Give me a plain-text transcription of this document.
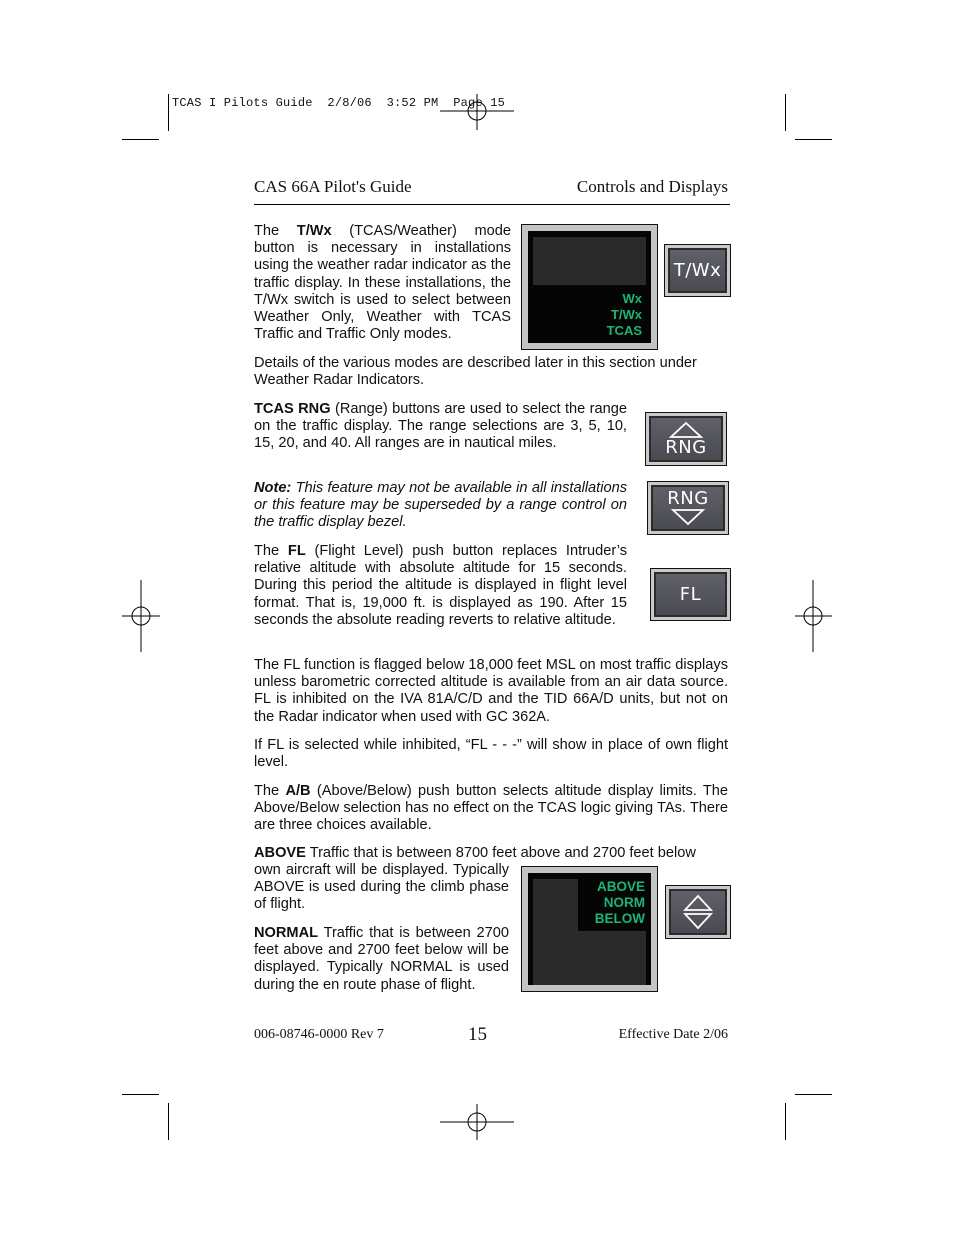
TCAS I Pilots Guide  2/8/06  3:52 PM  Page 15
CAS 66A Pilot's Guide	Controls and Displays

The T/Wx (TCAS/Weather) mode button is necessary in installations using the weather radar indicator as the traffic display. In these installations, the T/Wx switch is used to select between Weather Only, Weather with TCAS Traffic and Traffic Only modes.

Wx
T/Wx
TCAS
T/Wx

Details of the various modes are described later in this section under Weather Radar Indicators.

TCAS RNG (Range) buttons are used to select the range on the traffic display. The range selections are 3, 5, 10, 15, 20, and 40. All ranges are in nautical miles.	RNG

Note: This feature may not be available in all installations or this feature may be superseded by a range control on the traffic display bezel.

RNG

The FL (Flight Level) push button replaces Intruder’s relative altitude with absolute altitude for 15 seconds. During this period the altitude is displayed in flight level format. That is, 19,000 ft. is displayed as 190. After 15 seconds the absolute reading reverts to relative altitude.

FL

The FL function is flagged below 18,000 feet MSL on most traffic displays unless barometric corrected altitude is available from an air data source. FL is inhibited on the IVA 81A/C/D and the TID 66A/D units, but not on the Radar indicator when used with GC 362A.

If FL is selected while inhibited, “FL - - -” will show in place of own flight level.

The A/B (Above/Below) push button selects altitude display limits. The Above/Below selection has no effect on the TCAS logic giving TAs. There are three choices available.

ABOVE Traffic that is between 8700 feet above and 2700 feet below

own aircraft will be displayed. Typically ABOVE is used during the climb phase of flight.

NORMAL Traffic that is between 2700 feet above and 2700 feet below will be displayed. Typically NORMAL is used during the en route phase of flight.

ABOVE
NORM
BELOW
006-08746-0000 Rev 7	15	Effective Date 2/06
